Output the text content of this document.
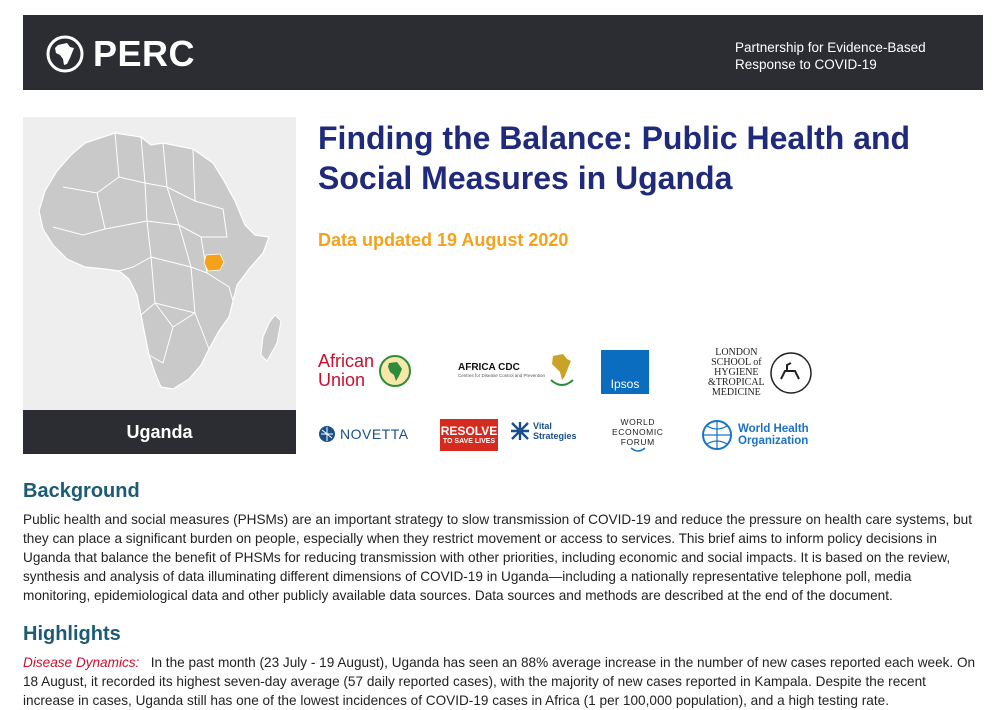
PERC	Partnership for Evidence-Based
Response to COVID-19
Uganda
Finding the Balance: Public Health and Social Measures in Uganda
Data updated 19 August 2020
African
Union
AFRICA CDC
Centres for Disease Control and Prevention
Ipsos
LONDON
SCHOOL of
HYGIENE
&TROPICAL
MEDICINE
NOVETTA	RESOLVE
TO SAVE LIVES
Vital
Strategies
WORLD
ECONOMIC
FORUM
World Health
Organization
Background

Public health and social measures (PHSMs) are an important strategy to slow transmission of COVID-19 and reduce the pressure on health care systems, but they can place a significant burden on people, especially when they restrict movement or access to services. This brief aims to inform policy decisions in Uganda that balance the benefit of PHSMs for reducing transmission with other priorities, including economic and social impacts. It is based on the review, synthesis and analysis of data illuminating different dimensions of COVID-19 in Uganda—including a nationally representative telephone poll, media monitoring, epidemiological data and other publicly available data sources. Data sources and methods are described at the end of the document.

Highlights

Disease Dynamics: In the past month (23 July - 19 August), Uganda has seen an 88% average increase in the number of new cases reported each week. On 18 August, it recorded its highest seven-day average (57 daily reported cases), with the majority of new cases reported in Kampala. Despite the recent increase in cases, Uganda still has one of the lowest incidences of COVID-19 cases in Africa (1 per 100,000 population), and a high testing rate.
